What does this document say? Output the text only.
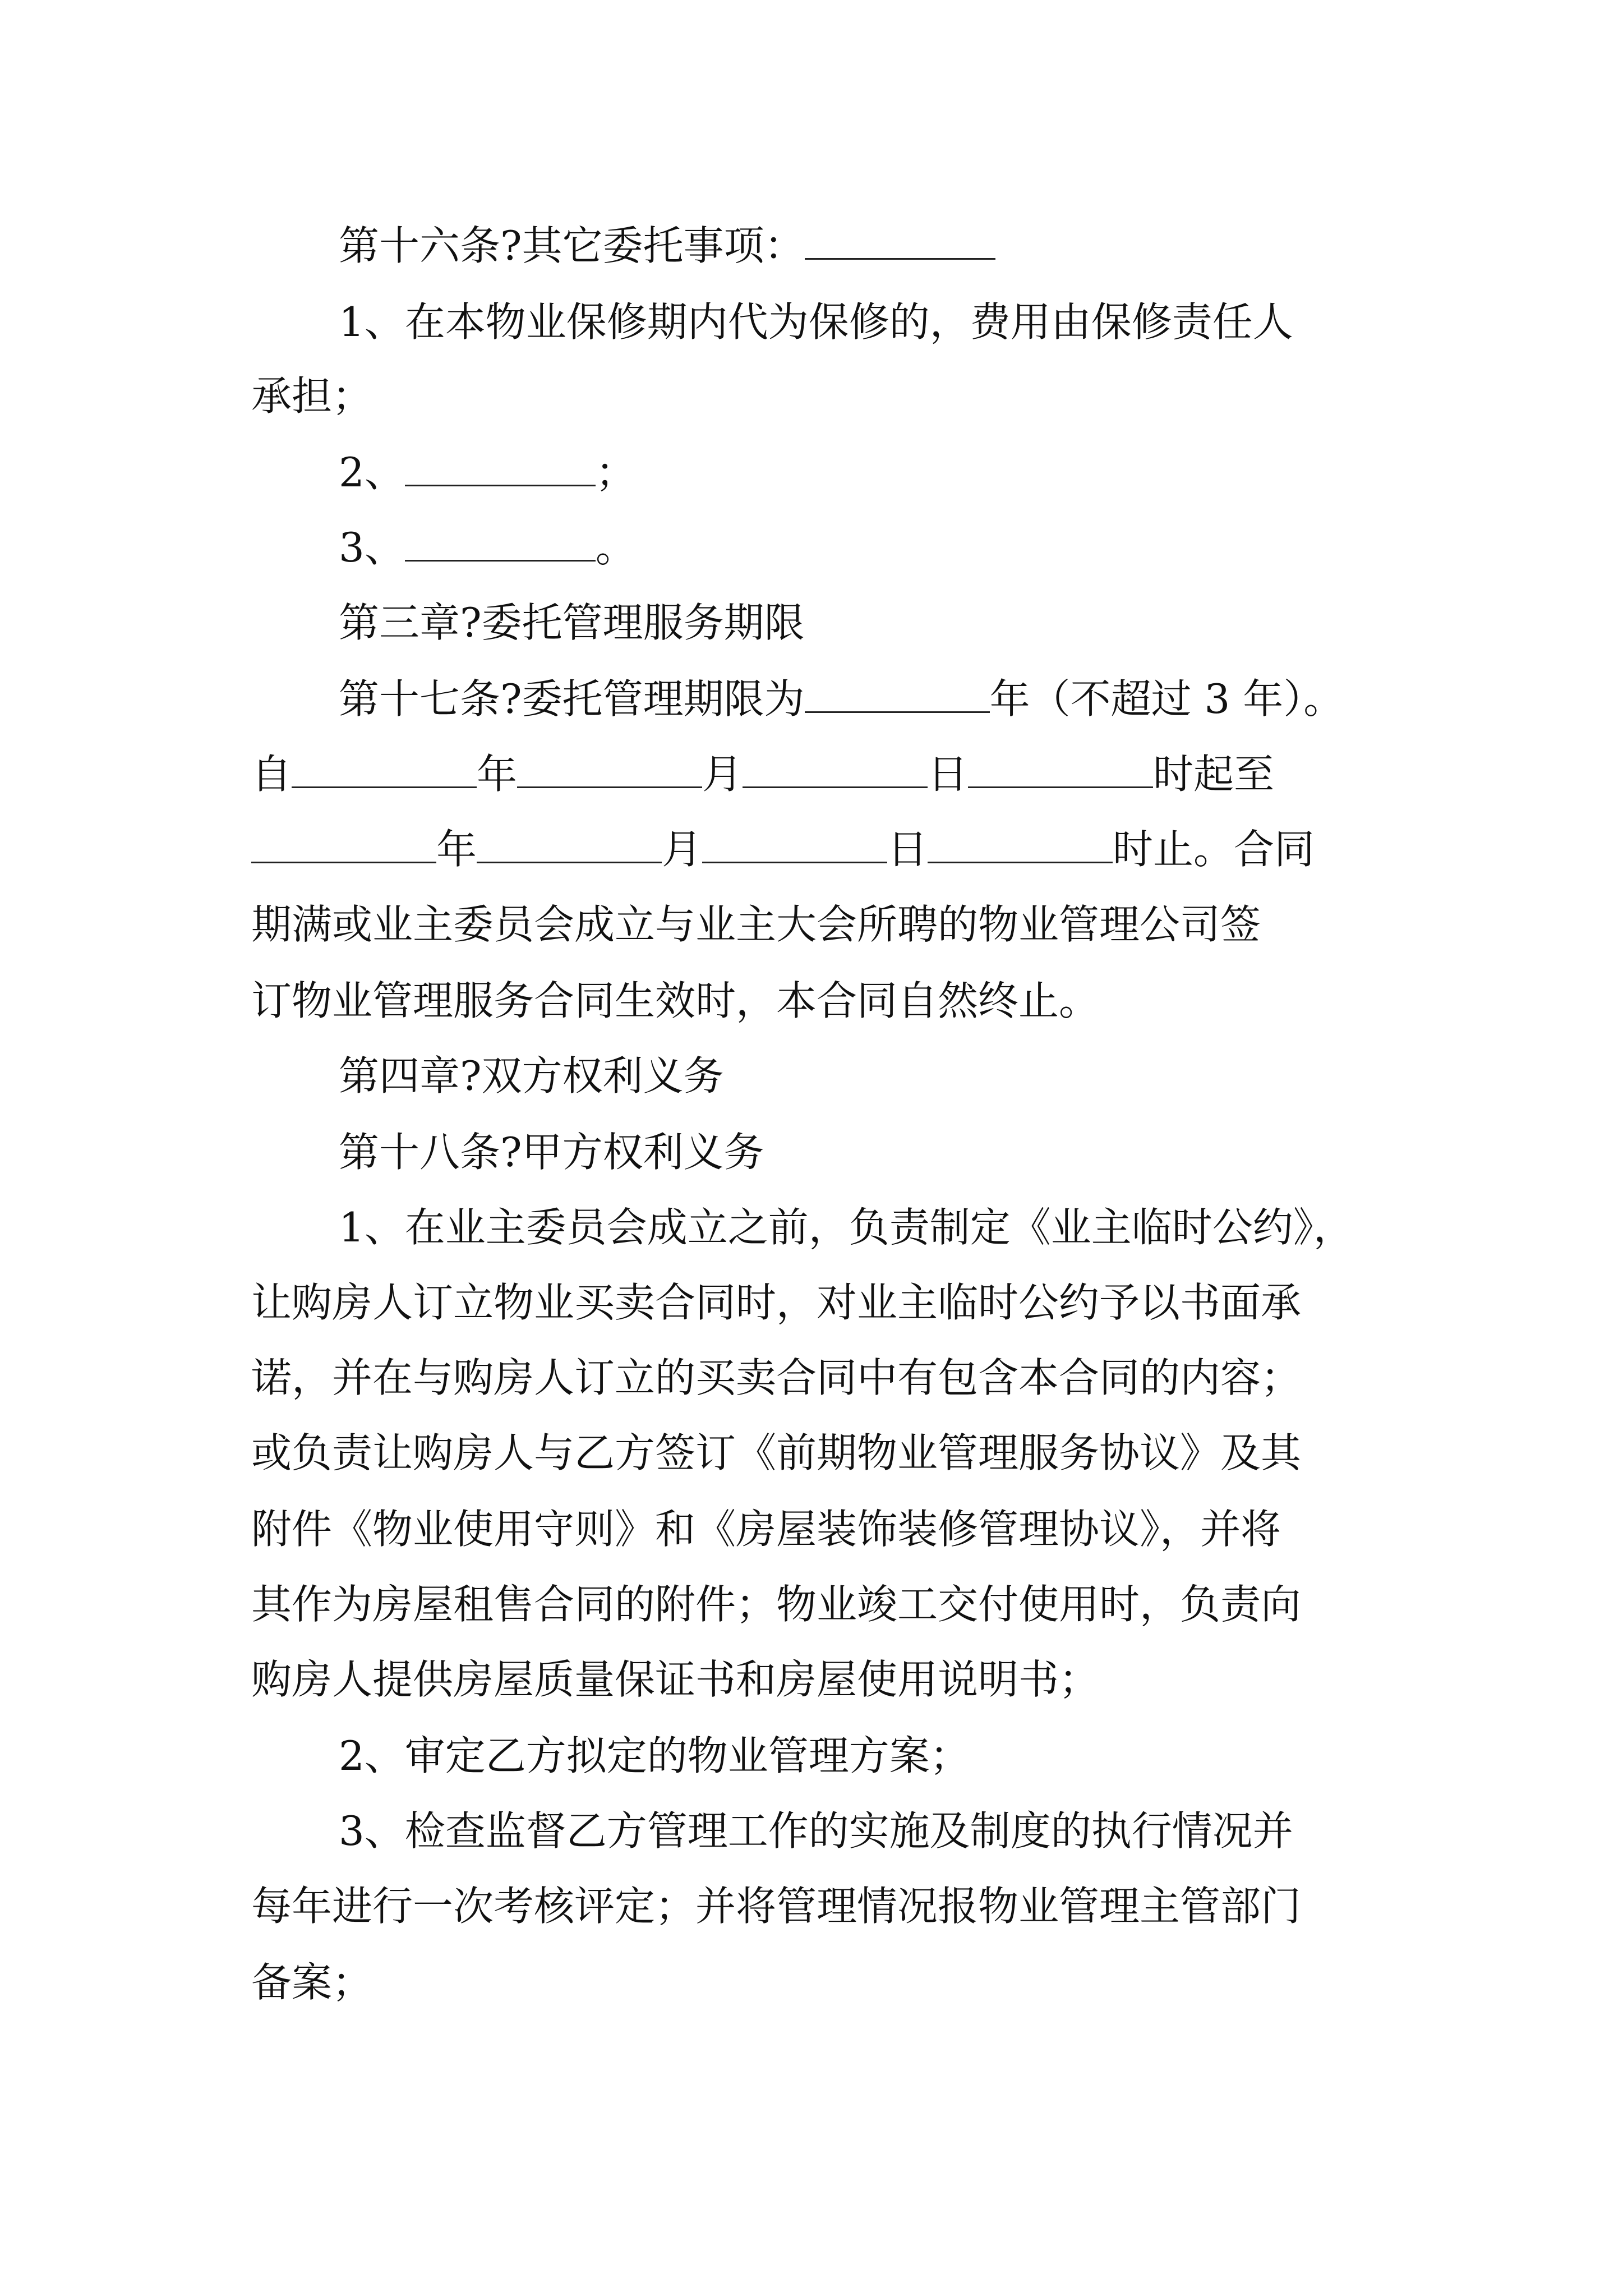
第十六条?其它委托事项：
1、在本物业保修期内代为保修的，费用由保修责任人
承担；
2、	；
3、	。
第三章?委托管理服务期限
第十七条?委托管理期限为	年（不超过 3 年）。
自	年	月	日	时起至
年	月	日	时止。合同
期满或业主委员会成立与业主大会所聘的物业管理公司签
订物业管理服务合同生效时，本合同自然终止。
第四章?双方权利义务
第十八条?甲方权利义务
1、在业主委员会成立之前，负责制定《业主临时公约》，
让购房人订立物业买卖合同时，对业主临时公约予以书面承
诺，并在与购房人订立的买卖合同中有包含本合同的内容；
或负责让购房人与乙方签订《前期物业管理服务协议》及其
附件《物业使用守则》和《房屋装饰装修管理协议》，并将
其作为房屋租售合同的附件；物业竣工交付使用时，负责向
购房人提供房屋质量保证书和房屋使用说明书；
2、审定乙方拟定的物业管理方案；
3、检查监督乙方管理工作的实施及制度的执行情况并
每年进行一次考核评定；并将管理情况报物业管理主管部门
备案；
